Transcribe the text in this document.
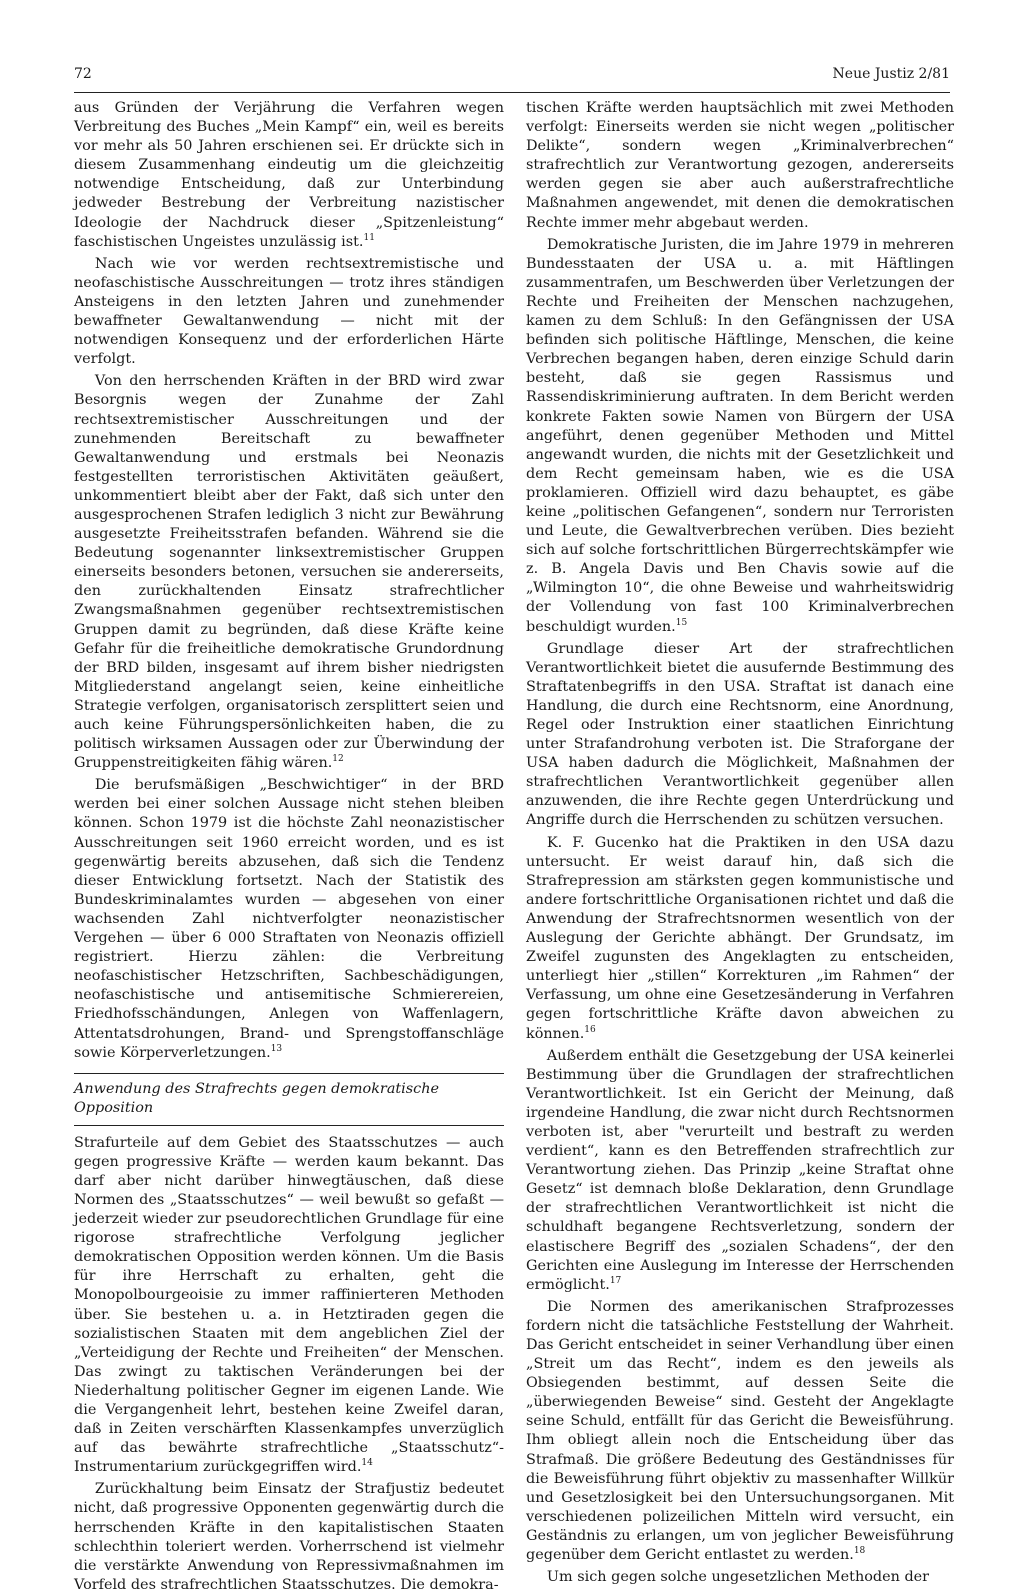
72	Neue Justiz 2/81

aus Gründen der Verjährung die Verfahren wegen Verbreitung des Buches „Mein Kampf“ ein, weil es bereits vor mehr als 50 Jahren erschienen sei. Er drückte sich in diesem Zusammenhang eindeutig um die gleichzeitig notwendige Entscheidung, daß zur Unterbindung jedweder Bestrebung der Verbreitung nazistischer Ideologie der Nachdruck dieser „Spitzenleistung“ faschistischen Ungeistes unzulässig ist.$^{11}$

Nach wie vor werden rechtsextremistische und neofaschistische Ausschreitungen — trotz ihres ständigen Ansteigens in den letzten Jahren und zunehmender bewaffneter Gewaltanwendung — nicht mit der notwendigen Konsequenz und der erforderlichen Härte verfolgt.

Von den herrschenden Kräften in der BRD wird zwar Besorgnis wegen der Zunahme der Zahl rechtsextremistischer Ausschreitungen und der zunehmenden Bereitschaft zu bewaffneter Gewaltanwendung und erstmals bei Neonazis festgestellten terroristischen Aktivitäten geäußert, unkommentiert bleibt aber der Fakt, daß sich unter den ausgesprochenen Strafen lediglich 3 nicht zur Bewährung ausgesetzte Freiheitsstrafen befanden. Während sie die Bedeutung sogenannter linksextremistischer Gruppen einerseits besonders betonen, versuchen sie andererseits, den zurückhaltenden Einsatz strafrechtlicher Zwangsmaßnahmen gegenüber rechtsextremistischen Gruppen damit zu begründen, daß diese Kräfte keine Gefahr für die freiheitliche demokratische Grundordnung der BRD bilden, insgesamt auf ihrem bisher niedrigsten Mitgliederstand angelangt seien, keine einheitliche Strategie verfolgen, organisatorisch zersplittert seien und auch keine Führungspersönlichkeiten haben, die zu politisch wirksamen Aussagen oder zur Überwindung der Gruppenstreitigkeiten fähig wären.$^{12}$

Die berufsmäßigen „Beschwichtiger“ in der BRD werden bei einer solchen Aussage nicht stehen bleiben können. Schon 1979 ist die höchste Zahl neonazistischer Ausschreitungen seit 1960 erreicht worden, und es ist gegenwärtig bereits abzusehen, daß sich die Tendenz dieser Entwicklung fortsetzt. Nach der Statistik des Bundeskriminalamtes wurden — abgesehen von einer wachsenden Zahl nichtverfolgter neonazistischer Vergehen — über 6 000 Straftaten von Neonazis offiziell registriert. Hierzu zählen: die Verbreitung neofaschistischer Hetzschriften, Sachbeschädigungen, neofaschistische und antisemitische Schmierereien, Friedhofsschändungen, Anlegen von Waffenlagern, Attentatsdrohungen, Brand- und Sprengstoffanschläge sowie Körperverletzungen.$^{13}$

Anwendung des Strafrechts gegen demokratische
Opposition

Strafurteile auf dem Gebiet des Staatsschutzes — auch gegen progressive Kräfte — werden kaum bekannt. Das darf aber nicht darüber hinwegtäuschen, daß diese Normen des „Staatsschutzes“ — weil bewußt so gefaßt — jederzeit wieder zur pseudorechtlichen Grundlage für eine rigorose strafrechtliche Verfolgung jeglicher demokratischen Opposition werden können. Um die Basis für ihre Herrschaft zu erhalten, geht die Monopolbourgeoisie zu immer raffinierteren Methoden über. Sie bestehen u. a. in Hetztiraden gegen die sozialistischen Staaten mit dem angeblichen Ziel der „Verteidigung der Rechte und Freiheiten“ der Menschen. Das zwingt zu taktischen Veränderungen bei der Niederhaltung politischer Gegner im eigenen Lande. Wie die Vergangenheit lehrt, bestehen keine Zweifel daran, daß in Zeiten verschärften Klassenkampfes unverzüglich auf das bewährte strafrechtliche „Staatsschutz“-Instrumentarium zurückgegriffen wird.$^{14}$

Zurückhaltung beim Einsatz der Strafjustiz bedeutet nicht, daß progressive Opponenten gegenwärtig durch die herrschenden Kräfte in den kapitalistischen Staaten schlechthin toleriert werden. Vorherrschend ist vielmehr die verstärkte Anwendung von Repressivmaßnahmen im Vorfeld des strafrechtlichen Staatsschutzes. Die demokra-

tischen Kräfte werden hauptsächlich mit zwei Methoden verfolgt: Einerseits werden sie nicht wegen „politischer Delikte“, sondern wegen „Kriminalverbrechen“ strafrechtlich zur Verantwortung gezogen, andererseits werden gegen sie aber auch außerstrafrechtliche Maßnahmen angewendet, mit denen die demokratischen Rechte immer mehr abgebaut werden.

Demokratische Juristen, die im Jahre 1979 in mehreren Bundesstaaten der USA u. a. mit Häftlingen zusammentrafen, um Beschwerden über Verletzungen der Rechte und Freiheiten der Menschen nachzugehen, kamen zu dem Schluß: In den Gefängnissen der USA befinden sich politische Häftlinge, Menschen, die keine Verbrechen begangen haben, deren einzige Schuld darin besteht, daß sie gegen Rassismus und Rassendiskriminierung auftraten. In dem Bericht werden konkrete Fakten sowie Namen von Bürgern der USA angeführt, denen gegenüber Methoden und Mittel angewandt wurden, die nichts mit der Gesetzlichkeit und dem Recht gemeinsam haben, wie es die USA proklamieren. Offiziell wird dazu behauptet, es gäbe keine „politischen Gefangenen“, sondern nur Terroristen und Leute, die Gewaltverbrechen verüben. Dies bezieht sich auf solche fortschrittlichen Bürgerrechtskämpfer wie z. B. Angela Davis und Ben Chavis sowie auf die „Wilmington 10“, die ohne Beweise und wahrheitswidrig der Vollendung von fast 100 Kriminalverbrechen beschuldigt wurden.$^{15}$

Grundlage dieser Art der strafrechtlichen Verantwortlichkeit bietet die ausufernde Bestimmung des Straftatenbegriffs in den USA. Straftat ist danach eine Handlung, die durch eine Rechtsnorm, eine Anordnung, Regel oder Instruktion einer staatlichen Einrichtung unter Strafandrohung verboten ist. Die Straforgane der USA haben dadurch die Möglichkeit, Maßnahmen der strafrechtlichen Verantwortlichkeit gegenüber allen anzuwenden, die ihre Rechte gegen Unterdrückung und Angriffe durch die Herrschenden zu schützen versuchen.

K. F. Gucenko hat die Praktiken in den USA dazu untersucht. Er weist darauf hin, daß sich die Strafrepression am stärksten gegen kommunistische und andere fortschrittliche Organisationen richtet und daß die Anwendung der Strafrechtsnormen wesentlich von der Auslegung der Gerichte abhängt. Der Grundsatz, im Zweifel zugunsten des Angeklagten zu entscheiden, unterliegt hier „stillen“ Korrekturen „im Rahmen“ der Verfassung, um ohne eine Gesetzesänderung in Verfahren gegen fortschrittliche Kräfte davon abweichen zu können.$^{16}$

Außerdem enthält die Gesetzgebung der USA keinerlei Bestimmung über die Grundlagen der strafrechtlichen Verantwortlichkeit. Ist ein Gericht der Meinung, daß irgendeine Handlung, die zwar nicht durch Rechtsnormen verboten ist, aber "verurteilt und bestraft zu werden verdient“, kann es den Betreffenden strafrechtlich zur Verantwortung ziehen. Das Prinzip „keine Straftat ohne Gesetz“ ist demnach bloße Deklaration, denn Grundlage der strafrechtlichen Verantwortlichkeit ist nicht die schuldhaft begangene Rechtsverletzung, sondern der elastischere Begriff des „sozialen Schadens“, der den Gerichten eine Auslegung im Interesse der Herrschenden ermöglicht.$^{17}$

Die Normen des amerikanischen Strafprozesses fordern nicht die tatsächliche Feststellung der Wahrheit. Das Gericht entscheidet in seiner Verhandlung über einen „Streit um das Recht“, indem es den jeweils als Obsiegenden bestimmt, auf dessen Seite die „überwiegenden Beweise“ sind. Gesteht der Angeklagte seine Schuld, entfällt für das Gericht die Beweisführung. Ihm obliegt allein noch die Entscheidung über das Strafmaß. Die größere Bedeutung des Geständnisses für die Beweisführung führt objektiv zu massenhafter Willkür und Gesetzlosigkeit bei den Untersuchungsorganen. Mit verschiedenen polizeilichen Mitteln wird versucht, ein Geständnis zu erlangen, um von jeglicher Beweisführung gegenüber dem Gericht entlastet zu werden.$^{18}$

Um sich gegen solche ungesetzlichen Methoden der
